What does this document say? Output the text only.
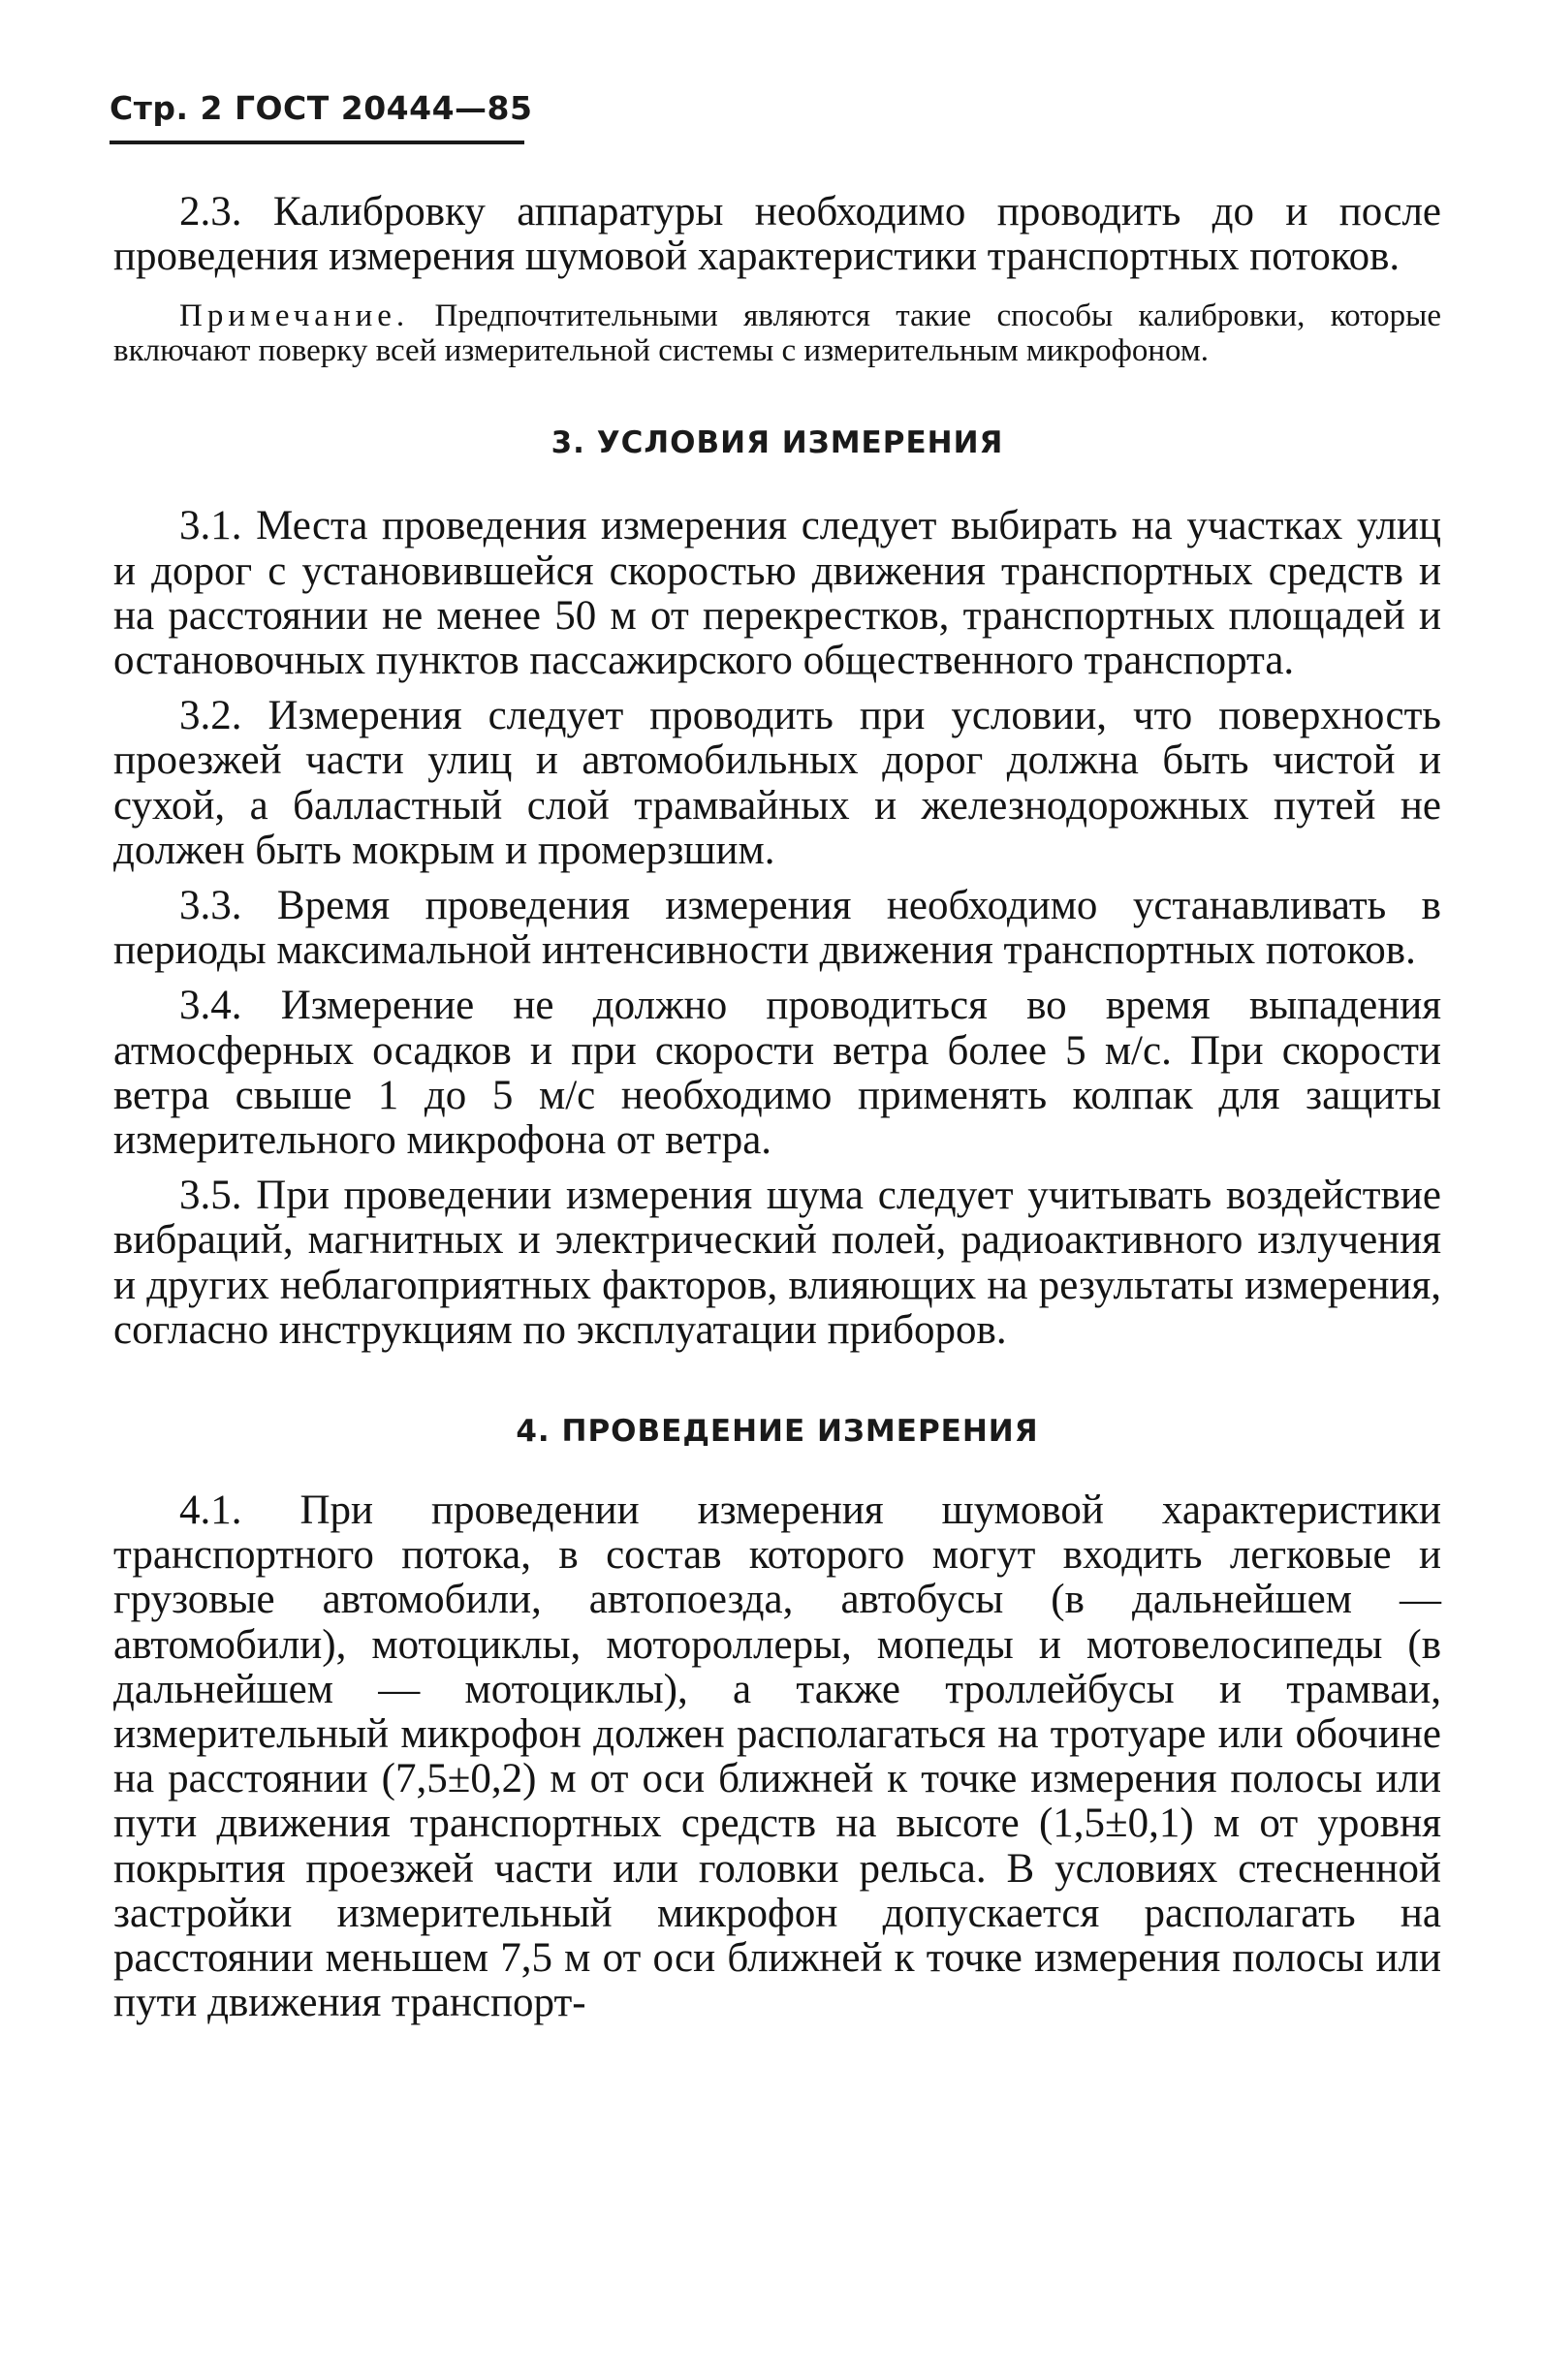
Стр. 2 ГОСТ 20444—85

2.3. Калибровку аппаратуры необходимо проводить до и после проведения измерения шумовой характеристики транспортных потоков.

Примечание. Предпочтительными являются такие способы калибровки, которые включают поверку всей измерительной системы с измерительным микрофоном.

3. УСЛОВИЯ ИЗМЕРЕНИЯ

3.1. Места проведения измерения следует выбирать на участках улиц и дорог с установившейся скоростью движения транспортных средств и на расстоянии не менее 50 м от перекрестков, транспортных площадей и остановочных пунктов пассажирского общественного транспорта.

3.2. Измерения следует проводить при условии, что поверхность проезжей части улиц и автомобильных дорог должна быть чистой и сухой, а балластный слой трамвайных и железнодорожных путей не должен быть мокрым и промерзшим.

3.3. Время проведения измерения необходимо устанавливать в периоды максимальной интенсивности движения транспортных потоков.

3.4. Измерение не должно проводиться во время выпадения атмосферных осадков и при скорости ветра более 5 м/с. При скорости ветра свыше 1 до 5 м/с необходимо применять колпак для защиты измерительного микрофона от ветра.

3.5. При проведении измерения шума следует учитывать воздействие вибраций, магнитных и электрический полей, радиоактивного излучения и других неблагоприятных факторов, влияющих на результаты измерения, согласно инструкциям по эксплуатации приборов.

4. ПРОВЕДЕНИЕ ИЗМЕРЕНИЯ

4.1. При проведении измерения шумовой характеристики транспортного потока, в состав которого могут входить легковые и грузовые автомобили, автопоезда, автобусы (в дальнейшем — автомобили), мотоциклы, мотороллеры, мопеды и мотовелосипеды (в дальнейшем — мотоциклы), а также троллейбусы и трамваи, измерительный микрофон должен располагаться на тротуаре или обочине на расстоянии (7,5±0,2) м от оси ближней к точке измерения полосы или пути движения транспортных средств на высоте (1,5±0,1) м от уровня покрытия проезжей части или головки рельса. В условиях стесненной застройки измерительный микрофон допускается располагать на расстоянии меньшем 7,5 м от оси ближней к точке измерения полосы или пути движения транспорт-
